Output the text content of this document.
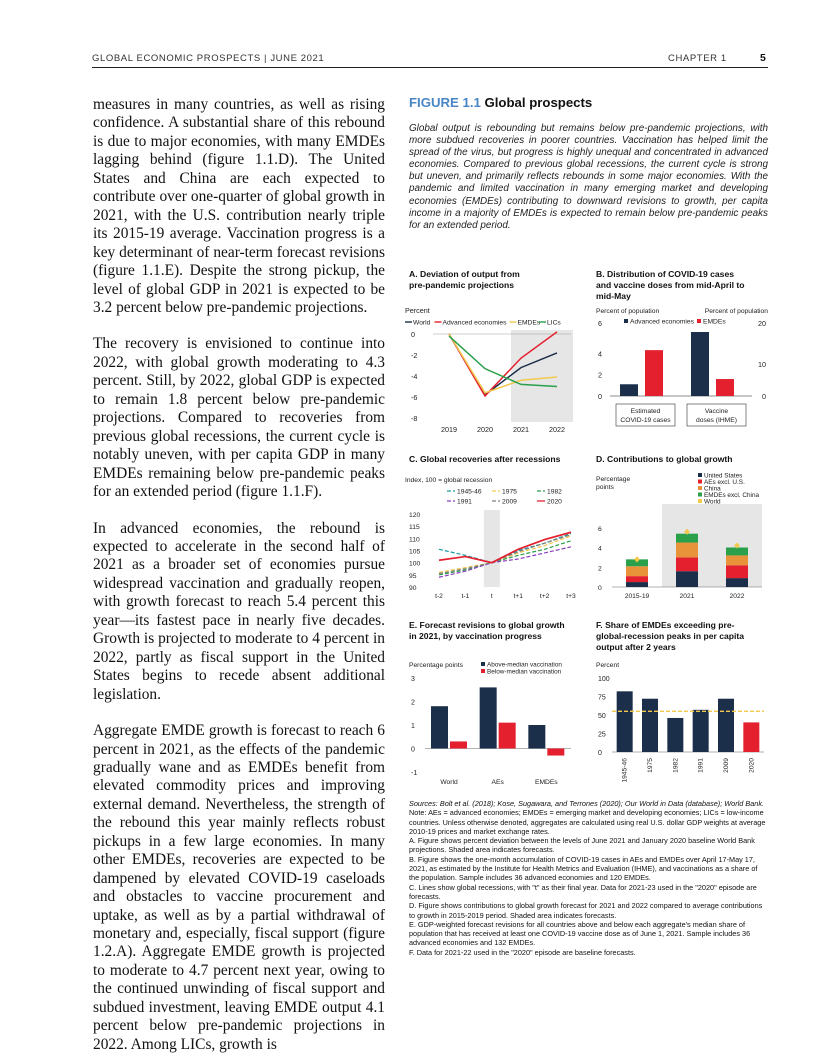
GLOBAL ECONOMIC PROSPECTS | JUNE 2021	CHAPTER 1	5

measures in many countries, as well as rising confidence. A substantial share of this rebound is due to major economies, with many EMDEs lagging behind (figure 1.1.D). The United States and China are each expected to contribute over one-quarter of global growth in 2021, with the U.S. contribution nearly triple its 2015-19 average. Vaccination progress is a key determinant of near-term forecast revisions (figure 1.1.E). Despite the strong pickup, the level of global GDP in 2021 is expected to be 3.2 percent below pre-pandemic projections.

The recovery is envisioned to continue into 2022, with global growth moderating to 4.3 percent. Still, by 2022, global GDP is expected to remain 1.8 percent below pre-pandemic projections. Compared to recoveries from previous global recessions, the current cycle is notably uneven, with per capita GDP in many EMDEs remaining below pre-pandemic peaks for an extended period (figure 1.1.F).

In advanced economies, the rebound is expected to accelerate in the second half of 2021 as a broader set of economies pursue widespread vaccination and gradually reopen, with growth forecast to reach 5.4 percent this year—its fastest pace in nearly five decades. Growth is projected to moderate to 4 percent in 2022, partly as fiscal support in the United States begins to recede absent additional legislation.

Aggregate EMDE growth is forecast to reach 6 percent in 2021, as the effects of the pandemic gradually wane and as EMDEs benefit from elevated commodity prices and improving external demand. Nevertheless, the strength of the rebound this year mainly reflects robust pickups in a few large economies. In many other EMDEs, recoveries are expected to be dampened by elevated COVID-19 caseloads and obstacles to vaccine procurement and uptake, as well as by a partial withdrawal of monetary and, especially, fiscal support (figure 1.2.A). Aggregate EMDE growth is projected to moderate to 4.7 percent next year, owing to the continued unwinding of fiscal support and subdued investment, leaving EMDE output 4.1 percent below pre-pandemic projections in 2022. Among LICs, growth is

FIGURE 1.1 Global prospects
Global output is rebounding but remains below pre-pandemic projections, with more subdued recoveries in poorer countries. Vaccination has helped limit the spread of the virus, but progress is highly unequal and concentrated in advanced economies. Compared to previous global recessions, the current cycle is strong but uneven, and primarily reflects rebounds in some major economies. With the pandemic and limited vaccination in many emerging market and developing economies (EMDEs) contributing to downward revisions to growth, per capita income in a majority of EMDEs is expected to remain below pre-pandemic peaks for an extended period.
A. Deviation of output from
pre-pandemic projections
B. Distribution of COVID-19 cases
and vaccine doses from mid-April to
mid-May
C. Global recoveries after recessions	D. Contributions to global growth
E. Forecast revisions to global growth
in 2021, by vaccination progress
F. Share of EMDEs exceeding pre-
global-recession peaks in per capita
output after 2 years
Percent
World Advanced economies EMDEs LICs
0
-2
-4
-6
-8
2019	2020	2021	2022
Percent of population	Percent of population
6	20
Advanced economies EMDEs
0
2
4
0
10
Estimated
COVID-19 cases
Vaccine
doses (IHME)
Index, 100 = global recession
1945-46	1975	1982
1991	2009	2020
120
115
110
105
100
95
90
t-2	t-1	t	t+1	t+2	t+3
Percentage
points
United States
AEs excl. U.S.
China
EMDEs excl. China
World
0
2
4
6
2015-19	2021	2022
Percentage points	Above-median vaccination
Below-median vaccination
3
2
1
0
-1
World	AEs	EMDEs
Percent
100
75
50
25
0
1945-46	1975	1982	1991	2009	2020
Sources: Bolt et al. (2018); Kose, Sugawara, and Terrones (2020); Our World in Data (database); World Bank.
Note: AEs = advanced economies; EMDEs = emerging market and developing economies; LICs = low-income countries. Unless otherwise denoted, aggregates are calculated using real U.S. dollar GDP weights at average 2010-19 prices and market exchange rates.
A. Figure shows percent deviation between the levels of June 2021 and January 2020 baseline World Bank projections. Shaded area indicates forecasts.
B. Figure shows the one-month accumulation of COVID-19 cases in AEs and EMDEs over April 17-May 17, 2021, as estimated by the Institute for Health Metrics and Evaluation (IHME), and vaccinations as a share of the population. Sample includes 36 advanced economies and 120 EMDEs.
C. Lines show global recessions, with "t" as their final year. Data for 2021-23 used in the "2020" episode are forecasts.
D. Figure shows contributions to global growth forecast for 2021 and 2022 compared to average contributions to growth in 2015-2019 period. Shaded area indicates forecasts.
E. GDP-weighted forecast revisions for all countries above and below each aggregate's median share of population that has received at least one COVID-19 vaccine dose as of June 1, 2021. Sample includes 36 advanced economies and 132 EMDEs.
F. Data for 2021-22 used in the "2020" episode are baseline forecasts.
